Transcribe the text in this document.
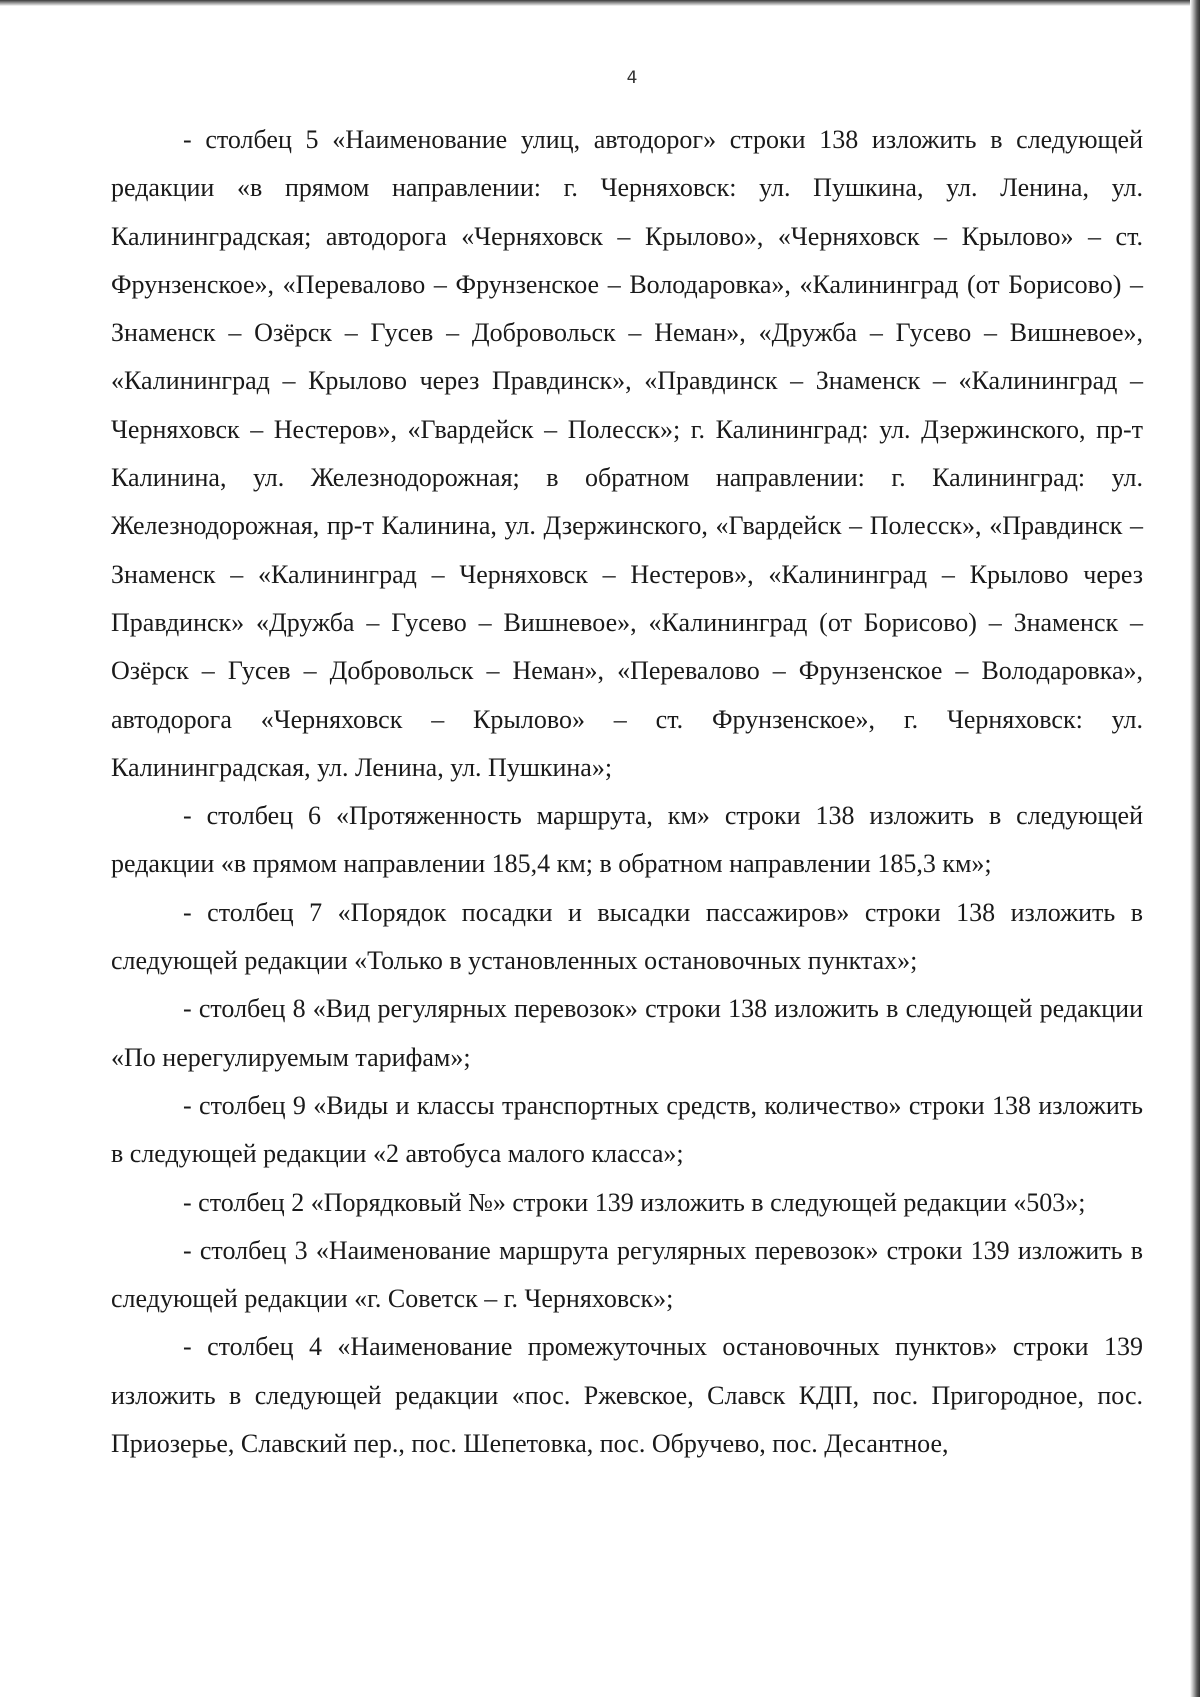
4

- столбец 5 «Наименование улиц, автодорог» строки 138 изложить в следующей редакции «в прямом направлении: г. Черняховск: ул. Пушкина, ул. Ленина, ул. Калининградская; автодорога «Черняховск – Крылово», «Черняховск – Крылово» – ст. Фрунзенское», «Перевалово – Фрунзенское – Володаровка», «Калининград (от Борисово) – Знаменск – Озёрск – Гусев – Добровольск – Неман», «Дружба – Гусево – Вишневое», «Калининград – Крылово через Правдинск», «Правдинск – Знаменск – «Калининград – Черняховск – Нестеров», «Гвардейск – Полесск»; г. Калининград: ул. Дзержинского, пр-т Калинина, ул. Железнодорожная; в обратном направлении: г. Калининград: ул. Железнодорожная, пр-т Калинина, ул. Дзержинского, «Гвардейск – Полесск», «Правдинск – Знаменск – «Калининград – Черняховск – Нестеров», «Калининград – Крылово через Правдинск» «Дружба – Гусево – Вишневое», «Калининград (от Борисово) – Знаменск – Озёрск – Гусев – Добровольск – Неман», «Перевалово – Фрунзенское – Володаровка», автодорога «Черняховск – Крылово» – ст. Фрунзенское», г. Черняховск: ул. Калининградская, ул. Ленина, ул. Пушкина»;

- столбец 6 «Протяженность маршрута, км» строки 138 изложить в следующей редакции «в прямом направлении 185,4 км; в обратном направлении 185,3 км»;

- столбец 7 «Порядок посадки и высадки пассажиров» строки 138 изложить в следующей редакции «Только в установленных остановочных пунктах»;

- столбец 8 «Вид регулярных перевозок» строки 138 изложить в следующей редакции «По нерегулируемым тарифам»;

- столбец 9 «Виды и классы транспортных средств, количество» строки 138 изложить в следующей редакции «2 автобуса малого класса»;

- столбец 2 «Порядковый №» строки 139 изложить в следующей редакции «503»;

- столбец 3 «Наименование маршрута регулярных перевозок» строки 139 изложить в следующей редакции «г. Советск – г. Черняховск»;

- столбец 4 «Наименование промежуточных остановочных пунктов» строки 139 изложить в следующей редакции «пос. Ржевское, Славск КДП, пос. Пригородное, пос. Приозерье, Славский пер., пос. Шепетовка, пос. Обручево, пос. Десантное,
